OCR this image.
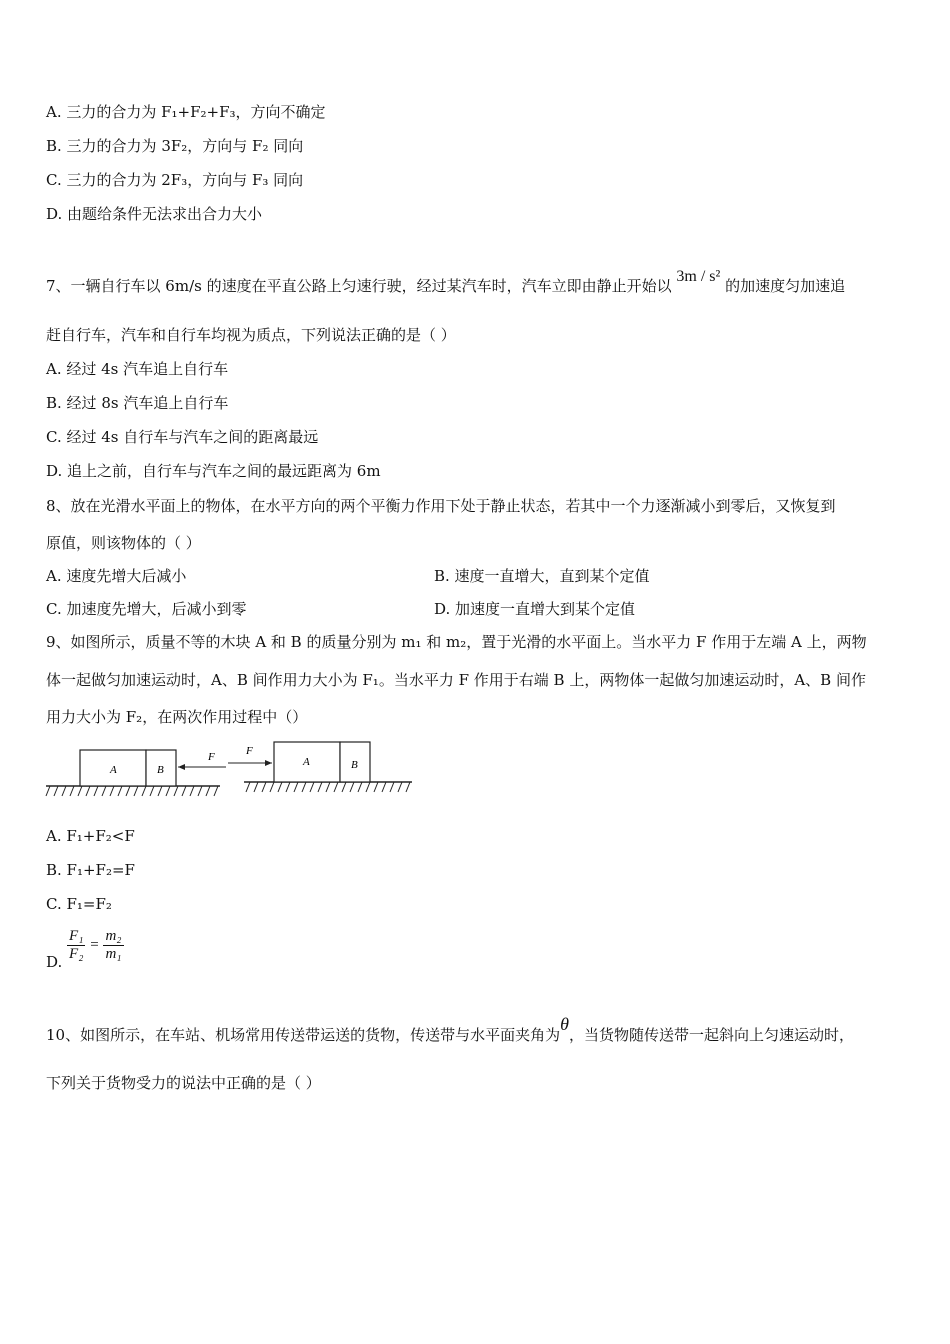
A. 三力的合力为 F₁+F₂+F₃，方向不确定
B. 三力的合力为 3F₂，方向与 F₂ 同向
C. 三力的合力为 2F₃，方向与 F₃ 同向
D. 由题给条件无法求出合力大小
7、一辆自行车以 6m/s 的速度在平直公路上匀速行驶，经过某汽车时，汽车立即由静止开始以 3m / s² 的加速度匀加速追
赶自行车，汽车和自行车均视为质点，下列说法正确的是（ ）
A. 经过 4s 汽车追上自行车
B. 经过 8s 汽车追上自行车
C. 经过 4s 自行车与汽车之间的距离最远
D. 追上之前，自行车与汽车之间的最远距离为 6m
8、放在光滑水平面上的物体，在水平方向的两个平衡力作用下处于静止状态，若其中一个力逐渐减小到零后，又恢复到
原值，则该物体的（ ）
A. 速度先增大后减小	B. 速度一直增大，直到某个定值
C. 加速度先增大，后减小到零	D. 加速度一直增大到某个定值
9、如图所示，质量不等的木块 A 和 B 的质量分别为 m₁ 和 m₂，置于光滑的水平面上。当水平力 F 作用于左端 A 上，两物
体一起做匀加速运动时，A、B 间作用力大小为 F₁。当水平力 F 作用于右端 B 上，两物体一起做匀加速运动时，A、B 间作
用力大小为 F₂，在两次作用过程中（）
A	B
F	A	B
F
A. F₁+F₂<F
B. F₁+F₂=F
C. F₁=F₂
D. $\frac{\text{F₁}}{\text{F₂}} = \frac{\text{m₂}}{\text{m₁}}$
10、如图所示，在车站、机场常用传送带运送的货物，传送带与水平面夹角为θ，当货物随传送带一起斜向上匀速运动时，
下列关于货物受力的说法中正确的是（ ）
